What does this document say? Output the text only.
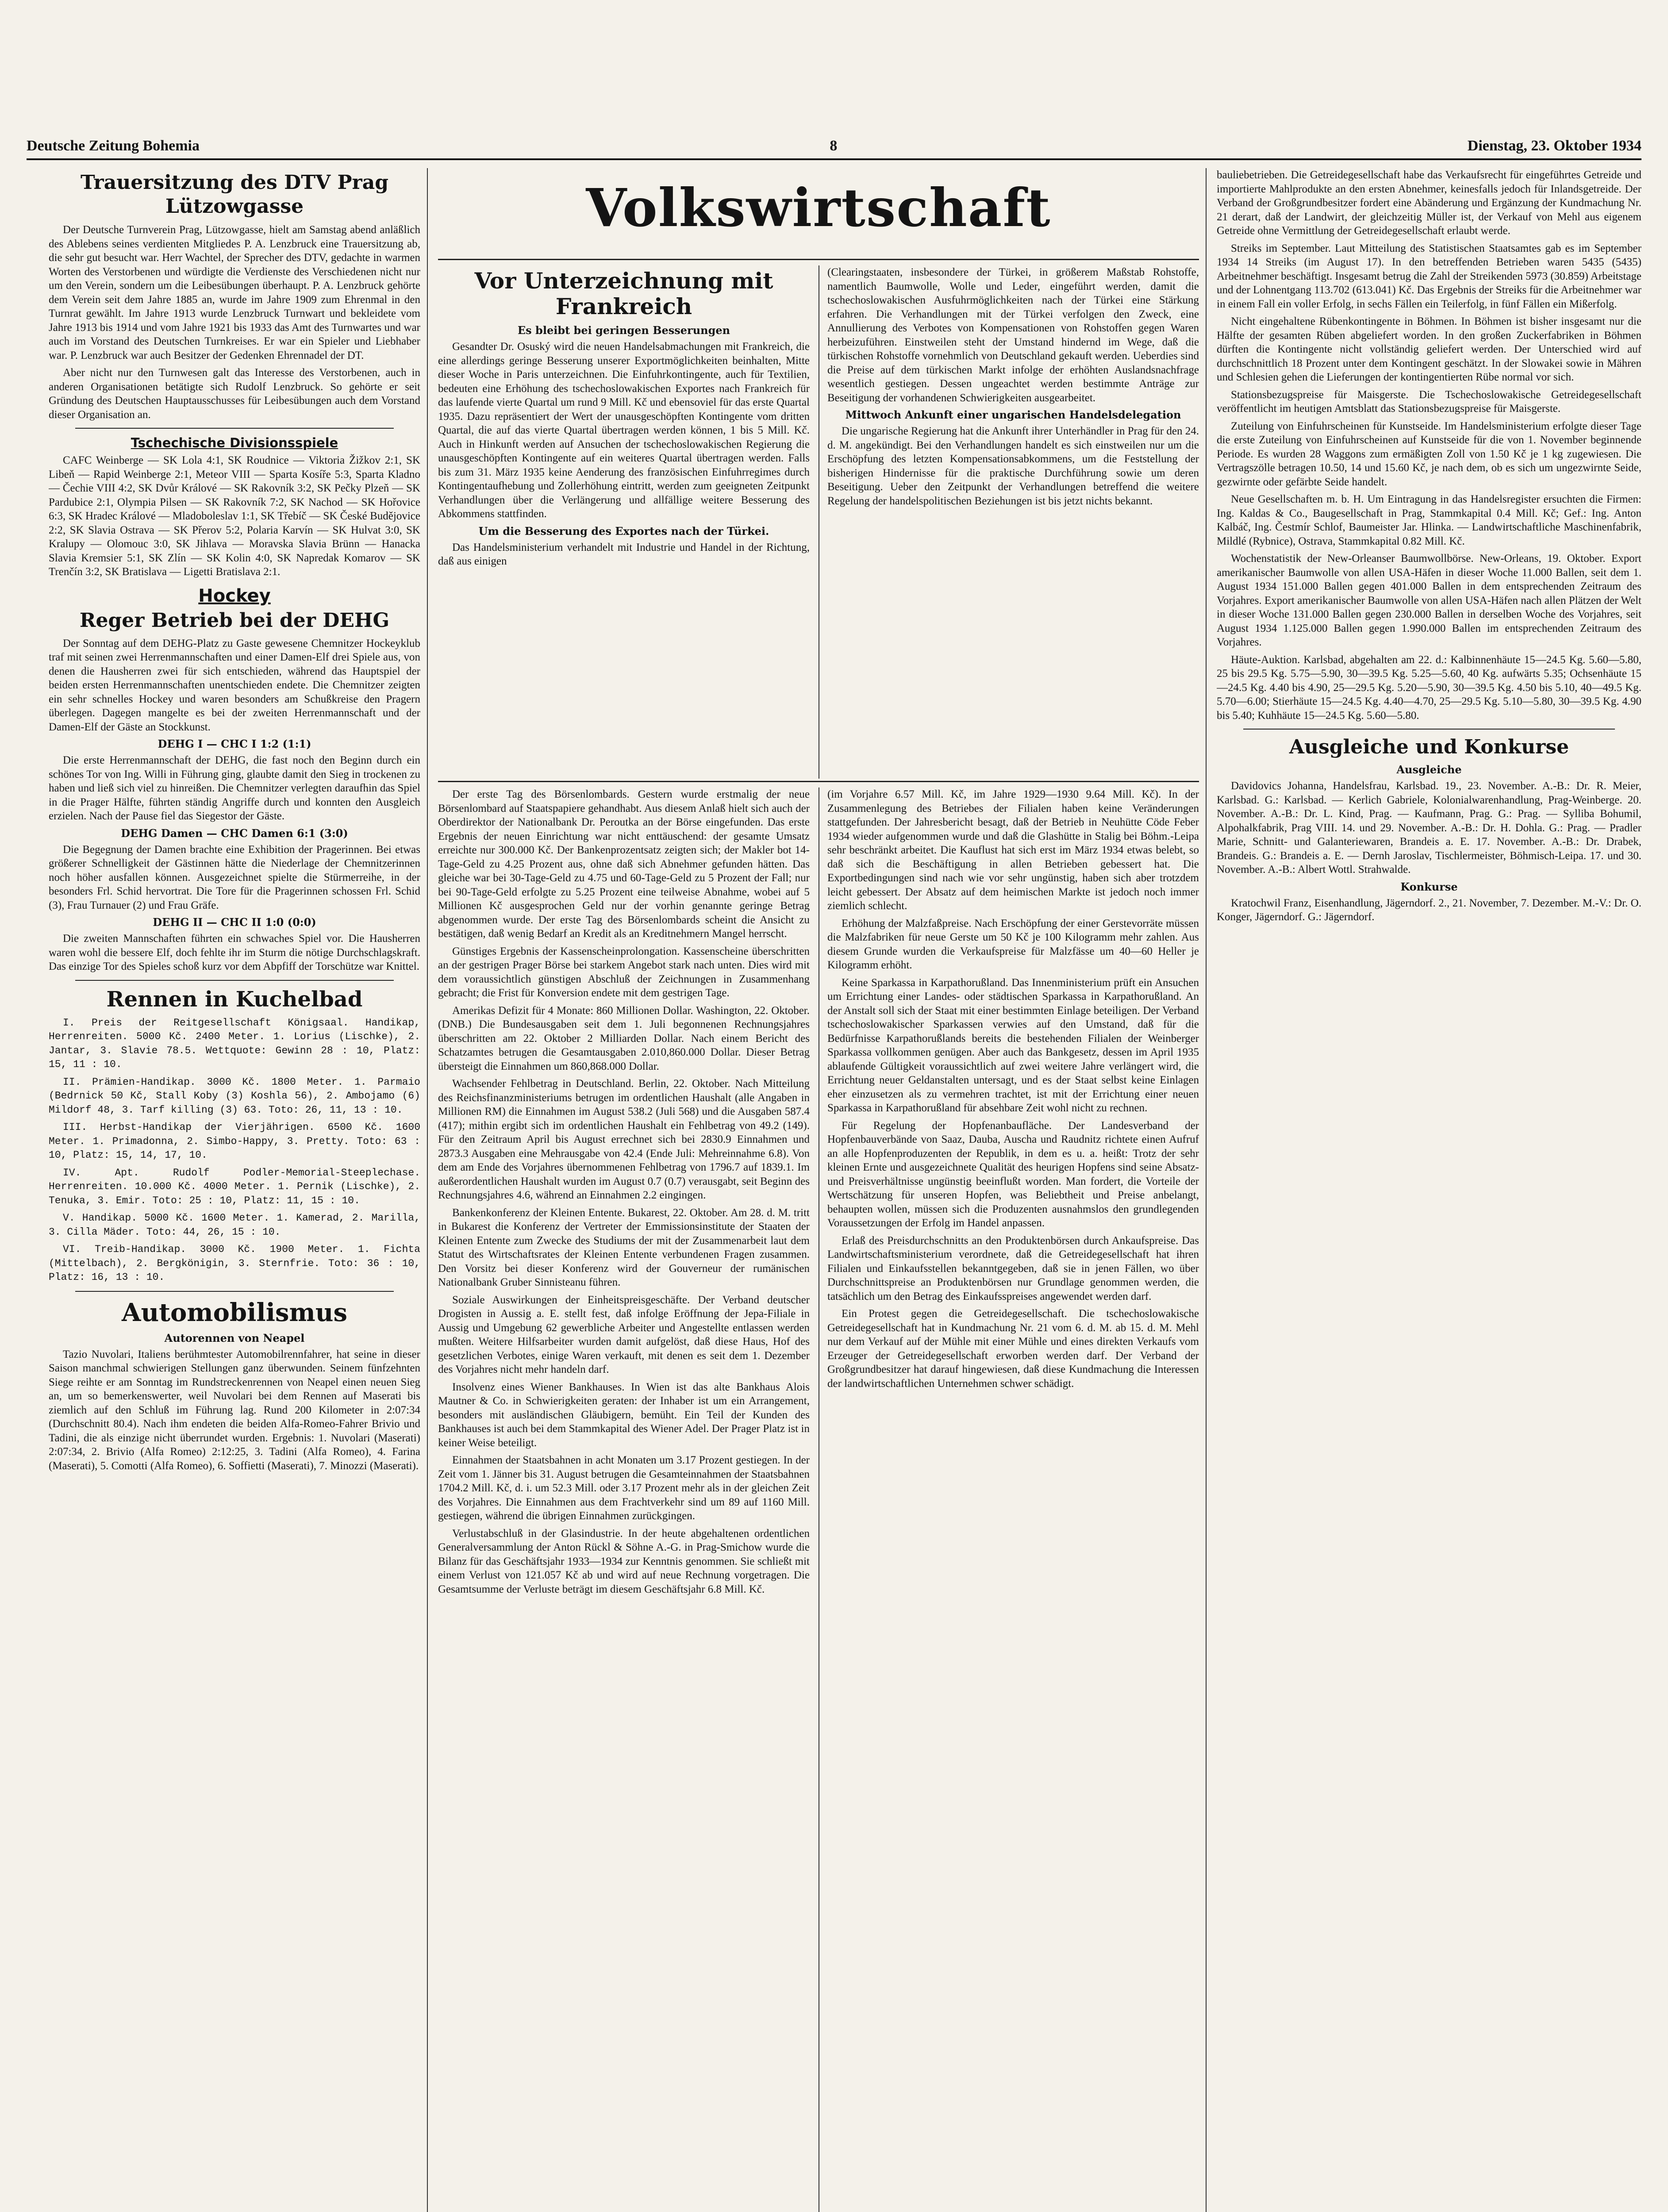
Deutsche Zeitung Bohemia	8	Dienstag, 23. Oktober 1934
Trauersitzung des DTV Prag Lützowgasse

Der Deutsche Turnverein Prag, Lützowgasse, hielt am Samstag abend anläßlich des Ablebens seines verdienten Mitgliedes P. A. Lenzbruck eine Trauersitzung ab, die sehr gut besucht war. Herr Wachtel, der Sprecher des DTV, gedachte in warmen Worten des Verstorbenen und würdigte die Verdienste des Verschiedenen nicht nur um den Verein, sondern um die Leibesübungen überhaupt. P. A. Lenzbruck gehörte dem Verein seit dem Jahre 1885 an, wurde im Jahre 1909 zum Ehrenmal in den Turnrat gewählt. Im Jahre 1913 wurde Lenzbruck Turnwart und bekleidete vom Jahre 1913 bis 1914 und vom Jahre 1921 bis 1933 das Amt des Turnwartes und war auch im Vorstand des Deutschen Turnkreises. Er war ein Spieler und Liebhaber war. P. Lenzbruck war auch Besitzer der Gedenken Ehrennadel der DT.

Aber nicht nur den Turnwesen galt das Interesse des Verstorbenen, auch in anderen Organisationen betätigte sich Rudolf Lenzbruck. So gehörte er seit Gründung des Deutschen Hauptausschusses für Leibesübungen auch dem Vorstand dieser Organisation an.

Tschechische Divisionsspiele

CAFC Weinberge — SK Lola 4:1, SK Roudnice — Viktoria Žižkov 2:1, SK Libeň — Rapid Weinberge 2:1, Meteor VIII — Sparta Kosíře 5:3, Sparta Kladno — Čechie VIII 4:2, SK Dvůr Králové — SK Rakovník 3:2, SK Pečky Plzeň — SK Pardubice 2:1, Olympia Pilsen — SK Rakovník 7:2, SK Nachod — SK Hořovice 6:3, SK Hradec Králové — Mladoboleslav 1:1, SK Třebíč — SK České Budějovice 2:2, SK Slavia Ostrava — SK Přerov 5:2, Polaria Karvín — SK Hulvat 3:0, SK Kralupy — Olomouc 3:0, SK Jihlava — Moravska Slavia Brünn — Hanacka Slavia Kremsier 5:1, SK Zlín — SK Kolin 4:0, SK Napredak Komarov — SK Trenčín 3:2, SK Bratislava — Ligetti Bratislava 2:1.

Hockey
Reger Betrieb bei der DEHG

Der Sonntag auf dem DEHG-Platz zu Gaste gewesene Chemnitzer Hockeyklub traf mit seinen zwei Herrenmannschaften und einer Damen-Elf drei Spiele aus, von denen die Hausherren zwei für sich entschieden, während das Hauptspiel der beiden ersten Herrenmannschaften unentschieden endete. Die Chemnitzer zeigten ein sehr schnelles Hockey und waren besonders am Schußkreise den Pragern überlegen. Dagegen mangelte es bei der zweiten Herrenmannschaft und der Damen-Elf der Gäste an Stockkunst.

DEHG I — CHC I 1:2 (1:1)

Die erste Herrenmannschaft der DEHG, die fast noch den Beginn durch ein schönes Tor von Ing. Willi in Führung ging, glaubte damit den Sieg in trockenen zu haben und ließ sich viel zu hinreißen. Die Chemnitzer verlegten daraufhin das Spiel in die Prager Hälfte, führten ständig Angriffe durch und konnten den Ausgleich erzielen. Nach der Pause fiel das Siegestor der Gäste.

DEHG Damen — CHC Damen 6:1 (3:0)

Die Begegnung der Damen brachte eine Exhibition der Pragerinnen. Bei etwas größerer Schnelligkeit der Gästinnen hätte die Niederlage der Chemnitzerinnen noch höher ausfallen können. Ausgezeichnet spielte die Stürmerreihe, in der besonders Frl. Schid hervortrat. Die Tore für die Pragerinnen schossen Frl. Schid (3), Frau Turnauer (2) und Frau Gräfe.

DEHG II — CHC II 1:0 (0:0)

Die zweiten Mannschaften führten ein schwaches Spiel vor. Die Hausherren waren wohl die bessere Elf, doch fehlte ihr im Sturm die nötige Durchschlagskraft. Das einzige Tor des Spieles schoß kurz vor dem Abpfiff der Torschütze war Knittel.

Rennen in Kuchelbad

I. Preis der Reitgesellschaft Königsaal. Handikap, Herrenreiten. 5000 Kč. 2400 Meter. 1. Lorius (Lischke), 2. Jantar, 3. Slavie 78.5. Wettquote: Gewinn 28 : 10, Platz: 15, 11 : 10.

II. Prämien-Handikap. 3000 Kč. 1800 Meter. 1. Parmaio (Bedrnick 50 Kč, Stall Koby (3) Koshla 56), 2. Ambojamo (6) Mildorf 48, 3. Tarf killing (3) 63. Toto: 26, 11, 13 : 10.

III. Herbst-Handikap der Vierjährigen. 6500 Kč. 1600 Meter. 1. Primadonna, 2. Simbo-Happy, 3. Pretty. Toto: 63 : 10, Platz: 15, 14, 17, 10.

IV. Apt. Rudolf Podler-Memorial-Steeplechase. Herrenreiten. 10.000 Kč. 4000 Meter. 1. Pernik (Lischke), 2. Tenuka, 3. Emir. Toto: 25 : 10, Platz: 11, 15 : 10.

V. Handikap. 5000 Kč. 1600 Meter. 1. Kamerad, 2. Marilla, 3. Cilla Mäder. Toto: 44, 26, 15 : 10.

VI. Treib-Handikap. 3000 Kč. 1900 Meter. 1. Fichta (Mittelbach), 2. Bergkönigin, 3. Sternfrie. Toto: 36 : 10, Platz: 16, 13 : 10.

Automobilismus
Autorennen von Neapel

Tazio Nuvolari, Italiens berühmtester Automobilrennfahrer, hat seine in dieser Saison manchmal schwierigen Stellungen ganz überwunden. Seinem fünfzehnten Siege reihte er am Sonntag im Rundstreckenrennen von Neapel einen neuen Sieg an, um so bemerkenswerter, weil Nuvolari bei dem Rennen auf Maserati bis ziemlich auf den Schluß im Führung lag. Rund 200 Kilometer in 2:07:34 (Durchschnitt 80.4). Nach ihm endeten die beiden Alfa-Romeo-Fahrer Brivio und Tadini, die als einzige nicht überrundet wurden. Ergebnis: 1. Nuvolari (Maserati) 2:07:34, 2. Brivio (Alfa Romeo) 2:12:25, 3. Tadini (Alfa Romeo), 4. Farina (Maserati), 5. Comotti (Alfa Romeo), 6. Soffietti (Maserati), 7. Minozzi (Maserati).

Volkswirtschaft
Vor Unterzeichnung mit Frankreich
Es bleibt bei geringen Besserungen

Gesandter Dr. Osuský wird die neuen Handelsabmachungen mit Frankreich, die eine allerdings geringe Besserung unserer Exportmöglichkeiten beinhalten, Mitte dieser Woche in Paris unterzeichnen. Die Einfuhrkontingente, auch für Textilien, bedeuten eine Erhöhung des tschechoslowakischen Exportes nach Frankreich für das laufende vierte Quartal um rund 9 Mill. Kč und ebensoviel für das erste Quartal 1935. Dazu repräsentiert der Wert der unausgeschöpften Kontingente vom dritten Quartal, die auf das vierte Quartal übertragen werden können, 1 bis 5 Mill. Kč. Auch in Hinkunft werden auf Ansuchen der tschechoslowakischen Regierung die unausgeschöpften Kontingente auf ein weiteres Quartal übertragen werden. Falls bis zum 31. März 1935 keine Aenderung des französischen Einfuhrregimes durch Kontingentaufhebung und Zollerhöhung eintritt, werden zum geeigneten Zeitpunkt Verhandlungen über die Verlängerung und allfällige weitere Besserung des Abkommens stattfinden.

Um die Besserung des Exportes nach der Türkei.

Das Handelsministerium verhandelt mit Industrie und Handel in der Richtung, daß aus einigen

(Clearingstaaten, insbesondere der Türkei, in größerem Maßstab Rohstoffe, namentlich Baumwolle, Wolle und Leder, eingeführt werden, damit die tschechoslowakischen Ausfuhrmöglichkeiten nach der Türkei eine Stärkung erfahren. Die Verhandlungen mit der Türkei verfolgen den Zweck, eine Annullierung des Verbotes von Kompensationen von Rohstoffen gegen Waren herbeizuführen. Einstweilen steht der Umstand hindernd im Wege, daß die türkischen Rohstoffe vornehmlich von Deutschland gekauft werden. Ueberdies sind die Preise auf dem türkischen Markt infolge der erhöhten Auslandsnachfrage wesentlich gestiegen. Dessen ungeachtet werden bestimmte Anträge zur Beseitigung der vorhandenen Schwierigkeiten ausgearbeitet.

Mittwoch Ankunft einer ungarischen Handelsdelegation

Die ungarische Regierung hat die Ankunft ihrer Unterhändler in Prag für den 24. d. M. angekündigt. Bei den Verhandlungen handelt es sich einstweilen nur um die Erschöpfung des letzten Kompensationsabkommens, um die Feststellung der bisherigen Hindernisse für die praktische Durchführung sowie um deren Beseitigung. Ueber den Zeitpunkt der Verhandlungen betreffend die weitere Regelung der handelspolitischen Beziehungen ist bis jetzt nichts bekannt.

Der erste Tag des Börsenlombards. Gestern wurde erstmalig der neue Börsenlombard auf Staatspapiere gehandhabt. Aus diesem Anlaß hielt sich auch der Oberdirektor der Nationalbank Dr. Peroutka an der Börse eingefunden. Das erste Ergebnis der neuen Einrichtung war nicht enttäuschend: der gesamte Umsatz erreichte nur 300.000 Kč. Der Bankenprozentsatz zeigten sich; der Makler bot 14-Tage-Geld zu 4.25 Prozent aus, ohne daß sich Abnehmer gefunden hätten. Das gleiche war bei 30-Tage-Geld zu 4.75 und 60-Tage-Geld zu 5 Prozent der Fall; nur bei 90-Tage-Geld erfolgte zu 5.25 Prozent eine teilweise Abnahme, wobei auf 5 Millionen Kč ausgesprochen Geld nur der vorhin genannte geringe Betrag abgenommen wurde. Der erste Tag des Börsenlombards scheint die Ansicht zu bestätigen, daß wenig Bedarf an Kredit als an Kreditnehmern Mangel herrscht.

Günstiges Ergebnis der Kassenscheinprolongation. Kassenscheine überschritten an der gestrigen Prager Börse bei starkem Angebot stark nach unten. Dies wird mit dem voraussichtlich günstigen Abschluß der Zeichnungen in Zusammenhang gebracht; die Frist für Konversion endete mit dem gestrigen Tage.

Amerikas Defizit für 4 Monate: 860 Millionen Dollar. Washington, 22. Oktober. (DNB.) Die Bundesausgaben seit dem 1. Juli begonnenen Rechnungsjahres überschritten am 22. Oktober 2 Milliarden Dollar. Nach einem Bericht des Schatzamtes betrugen die Gesamtausgaben 2.010,860.000 Dollar. Dieser Betrag übersteigt die Einnahmen um 860,868.000 Dollar.

Wachsender Fehlbetrag in Deutschland. Berlin, 22. Oktober. Nach Mitteilung des Reichsfinanzministeriums betrugen im ordentlichen Haushalt (alle Angaben in Millionen RM) die Einnahmen im August 538.2 (Juli 568) und die Ausgaben 587.4 (417); mithin ergibt sich im ordentlichen Haushalt ein Fehlbetrag von 49.2 (149). Für den Zeitraum April bis August errechnet sich bei 2830.9 Einnahmen und 2873.3 Ausgaben eine Mehrausgabe von 42.4 (Ende Juli: Mehreinnahme 6.8). Von dem am Ende des Vorjahres übernommenen Fehlbetrag von 1796.7 auf 1839.1. Im außerordentlichen Haushalt wurden im August 0.7 (0.7) verausgabt, seit Beginn des Rechnungsjahres 4.6, während an Einnahmen 2.2 eingingen.

Bankenkonferenz der Kleinen Entente. Bukarest, 22. Oktober. Am 28. d. M. tritt in Bukarest die Konferenz der Vertreter der Emmissionsinstitute der Staaten der Kleinen Entente zum Zwecke des Studiums der mit der Zusammenarbeit laut dem Statut des Wirtschaftsrates der Kleinen Entente verbundenen Fragen zusammen. Den Vorsitz bei dieser Konferenz wird der Gouverneur der rumänischen Nationalbank Gruber Sinnisteanu führen.

Soziale Auswirkungen der Einheitspreisgeschäfte. Der Verband deutscher Drogisten in Aussig a. E. stellt fest, daß infolge Eröffnung der Jepa-Filiale in Aussig und Umgebung 62 gewerbliche Arbeiter und Angestellte entlassen werden mußten. Weitere Hilfsarbeiter wurden damit aufgelöst, daß diese Haus, Hof des gesetzlichen Verbotes, einige Waren verkauft, mit denen es seit dem 1. Dezember des Vorjahres nicht mehr handeln darf.

Insolvenz eines Wiener Bankhauses. In Wien ist das alte Bankhaus Alois Mautner & Co. in Schwierigkeiten geraten: der Inhaber ist um ein Arrangement, besonders mit ausländischen Gläubigern, bemüht. Ein Teil der Kunden des Bankhauses ist auch bei dem Stammkapital des Wiener Adel. Der Prager Platz ist in keiner Weise beteiligt.

Einnahmen der Staatsbahnen in acht Monaten um 3.17 Prozent gestiegen. In der Zeit vom 1. Jänner bis 31. August betrugen die Gesamteinnahmen der Staatsbahnen 1704.2 Mill. Kč, d. i. um 52.3 Mill. oder 3.17 Prozent mehr als in der gleichen Zeit des Vorjahres. Die Einnahmen aus dem Frachtverkehr sind um 89 auf 1160 Mill. gestiegen, während die übrigen Einnahmen zurückgingen.

Verlustabschluß in der Glasindustrie. In der heute abgehaltenen ordentlichen Generalversammlung der Anton Rückl & Söhne A.-G. in Prag-Smichow wurde die Bilanz für das Geschäftsjahr 1933—1934 zur Kenntnis genommen. Sie schließt mit einem Verlust von 121.057 Kč ab und wird auf neue Rechnung vorgetragen. Die Gesamtsumme der Verluste beträgt im diesem Geschäftsjahr 6.8 Mill. Kč.

(im Vorjahre 6.57 Mill. Kč, im Jahre 1929—1930 9.64 Mill. Kč). In der Zusammenlegung des Betriebes der Filialen haben keine Veränderungen stattgefunden. Der Jahresbericht besagt, daß der Betrieb in Neuhütte Cöde Feber 1934 wieder aufgenommen wurde und daß die Glashütte in Stalig bei Böhm.-Leipa sehr beschränkt arbeitet. Die Kauflust hat sich erst im März 1934 etwas belebt, so daß sich die Beschäftigung in allen Betrieben gebessert hat. Die Exportbedingungen sind nach wie vor sehr ungünstig, haben sich aber trotzdem leicht gebessert. Der Absatz auf dem heimischen Markte ist jedoch noch immer ziemlich schlecht.

Erhöhung der Malzfaßpreise. Nach Erschöpfung der einer Gerstevorräte müssen die Malzfabriken für neue Gerste um 50 Kč je 100 Kilogramm mehr zahlen. Aus diesem Grunde wurden die Verkaufspreise für Malzfässe um 40—60 Heller je Kilogramm erhöht.

Keine Sparkassa in Karpathorußland. Das Innenministerium prüft ein Ansuchen um Errichtung einer Landes- oder städtischen Sparkassa in Karpathorußland. An der Anstalt soll sich der Staat mit einer bestimmten Einlage beteiligen. Der Verband tschechoslowakischer Sparkassen verwies auf den Umstand, daß für die Bedürfnisse Karpathorußlands bereits die bestehenden Filialen der Weinberger Sparkassa vollkommen genügen. Aber auch das Bankgesetz, dessen im April 1935 ablaufende Gültigkeit voraussichtlich auf zwei weitere Jahre verlängert wird, die Errichtung neuer Geldanstalten untersagt, und es der Staat selbst keine Einlagen eher einzusetzen als zu vermehren trachtet, ist mit der Errichtung einer neuen Sparkassa in Karpathorußland für absehbare Zeit wohl nicht zu rechnen.

Für Regelung der Hopfenanbaufläche. Der Landesverband der Hopfenbauverbände von Saaz, Dauba, Auscha und Raudnitz richtete einen Aufruf an alle Hopfenproduzenten der Republik, in dem es u. a. heißt: Trotz der sehr kleinen Ernte und ausgezeichnete Qualität des heurigen Hopfens sind seine Absatz- und Preisverhältnisse ungünstig beeinflußt worden. Man fordert, die Vorteile der Wertschätzung für unseren Hopfen, was Beliebtheit und Preise anbelangt, behaupten wollen, müssen sich die Produzenten ausnahmslos den grundlegenden Voraussetzungen der Erfolg im Handel anpassen.

Erlaß des Preisdurchschnitts an den Produktenbörsen durch Ankaufspreise. Das Landwirtschaftsministerium verordnete, daß die Getreidegesellschaft hat ihren Filialen und Einkaufsstellen bekanntgegeben, daß sie in jenen Fällen, wo über Durchschnittspreise an Produktenbörsen nur Grundlage genommen werden, die tatsächlich um den Betrag des Einkaufsspreises angewendet werden darf.

Ein Protest gegen die Getreidegesellschaft. Die tschechoslowakische Getreidegesellschaft hat in Kundmachung Nr. 21 vom 6. d. M. ab 15. d. M. Mehl nur dem Verkauf auf der Mühle mit einer Mühle und eines direkten Verkaufs vom Erzeuger der Getreidegesellschaft erworben werden darf. Der Verband der Großgrundbesitzer hat darauf hingewiesen, daß diese Kundmachung die Interessen der landwirtschaftlichen Unternehmen schwer schädigt.

bauliebetrieben. Die Getreidegesellschaft habe das Verkaufsrecht für eingeführtes Getreide und importierte Mahlprodukte an den ersten Abnehmer, keinesfalls jedoch für Inlandsgetreide. Der Verband der Großgrundbesitzer fordert eine Abänderung und Ergänzung der Kundmachung Nr. 21 derart, daß der Landwirt, der gleichzeitig Müller ist, der Verkauf von Mehl aus eigenem Getreide ohne Vermittlung der Getreidegesellschaft erlaubt werde.

Streiks im September. Laut Mitteilung des Statistischen Staatsamtes gab es im September 1934 14 Streiks (im August 17). In den betreffenden Betrieben waren 5435 (5435) Arbeitnehmer beschäftigt. Insgesamt betrug die Zahl der Streikenden 5973 (30.859) Arbeitstage und der Lohnentgang 113.702 (613.041) Kč. Das Ergebnis der Streiks für die Arbeitnehmer war in einem Fall ein voller Erfolg, in sechs Fällen ein Teilerfolg, in fünf Fällen ein Mißerfolg.

Nicht eingehaltene Rübenkontingente in Böhmen. In Böhmen ist bisher insgesamt nur die Hälfte der gesamten Rüben abgeliefert worden. In den großen Zuckerfabriken in Böhmen dürften die Kontingente nicht vollständig geliefert werden. Der Unterschied wird auf durchschnittlich 18 Prozent unter dem Kontingent geschätzt. In der Slowakei sowie in Mähren und Schlesien gehen die Lieferungen der kontingentierten Rübe normal vor sich.

Stationsbezugspreise für Maisgerste. Die Tschechoslowakische Getreidegesellschaft veröffentlicht im heutigen Amtsblatt das Stationsbezugspreise für Maisgerste.

Zuteilung von Einfuhrscheinen für Kunstseide. Im Handelsministerium erfolgte dieser Tage die erste Zuteilung von Einfuhrscheinen auf Kunstseide für die von 1. November beginnende Periode. Es wurden 28 Waggons zum ermäßigten Zoll von 1.50 Kč je 1 kg zugewiesen. Die Vertragszölle betragen 10.50, 14 und 15.60 Kč, je nach dem, ob es sich um ungezwirnte Seide, gezwirnte oder gefärbte Seide handelt.

Neue Gesellschaften m. b. H. Um Eintragung in das Handelsregister ersuchten die Firmen: Ing. Kaldas & Co., Baugesellschaft in Prag, Stammkapital 0.4 Mill. Kč; Gef.: Ing. Anton Kalbáč, Ing. Čestmír Schlof, Baumeister Jar. Hlinka. — Landwirtschaftliche Maschinenfabrik, Mildlé (Rybnice), Ostrava, Stammkapital 0.82 Mill. Kč.

Wochenstatistik der New-Orleanser Baumwollbörse. New-Orleans, 19. Oktober. Export amerikanischer Baumwolle von allen USA-Häfen in dieser Woche 11.000 Ballen, seit dem 1. August 1934 151.000 Ballen gegen 401.000 Ballen in dem entsprechenden Zeitraum des Vorjahres. Export amerikanischer Baumwolle von allen USA-Häfen nach allen Plätzen der Welt in dieser Woche 131.000 Ballen gegen 230.000 Ballen in derselben Woche des Vorjahres, seit August 1934 1.125.000 Ballen gegen 1.990.000 Ballen im entsprechenden Zeitraum des Vorjahres.

Häute-Auktion. Karlsbad, abgehalten am 22. d.: Kalbinnenhäute 15—24.5 Kg. 5.60—5.80, 25 bis 29.5 Kg. 5.75—5.90, 30—39.5 Kg. 5.25—5.60, 40 Kg. aufwärts 5.35; Ochsenhäute 15—24.5 Kg. 4.40 bis 4.90, 25—29.5 Kg. 5.20—5.90, 30—39.5 Kg. 4.50 bis 5.10, 40—49.5 Kg. 5.70—6.00; Stierhäute 15—24.5 Kg. 4.40—4.70, 25—29.5 Kg. 5.10—5.80, 30—39.5 Kg. 4.90 bis 5.40; Kuhhäute 15—24.5 Kg. 5.60—5.80.

Ausgleiche und Konkurse
Ausgleiche

Davidovics Johanna, Handelsfrau, Karlsbad. 19., 23. November. A.-B.: Dr. R. Meier, Karlsbad. G.: Karlsbad. — Kerlich Gabriele, Kolonialwarenhandlung, Prag-Weinberge. 20. November. A.-B.: Dr. L. Kind, Prag. — Kaufmann, Prag. G.: Prag. — Sylliba Bohumil, Alpohalkfabrik, Prag VIII. 14. und 29. November. A.-B.: Dr. H. Dohla. G.: Prag. — Pradler Marie, Schnitt- und Galanteriewaren, Brandeis a. E. 17. November. A.-B.: Dr. Drabek, Brandeis. G.: Brandeis a. E. — Dernh Jaroslav, Tischlermeister, Böhmisch-Leipa. 17. und 30. November. A.-B.: Albert Wottl. Strahwalde.

Konkurse

Kratochwil Franz, Eisenhandlung, Jägerndorf. 2., 21. November, 7. Dezember. M.-V.: Dr. O. Konger, Jägerndorf. G.: Jägerndorf.
